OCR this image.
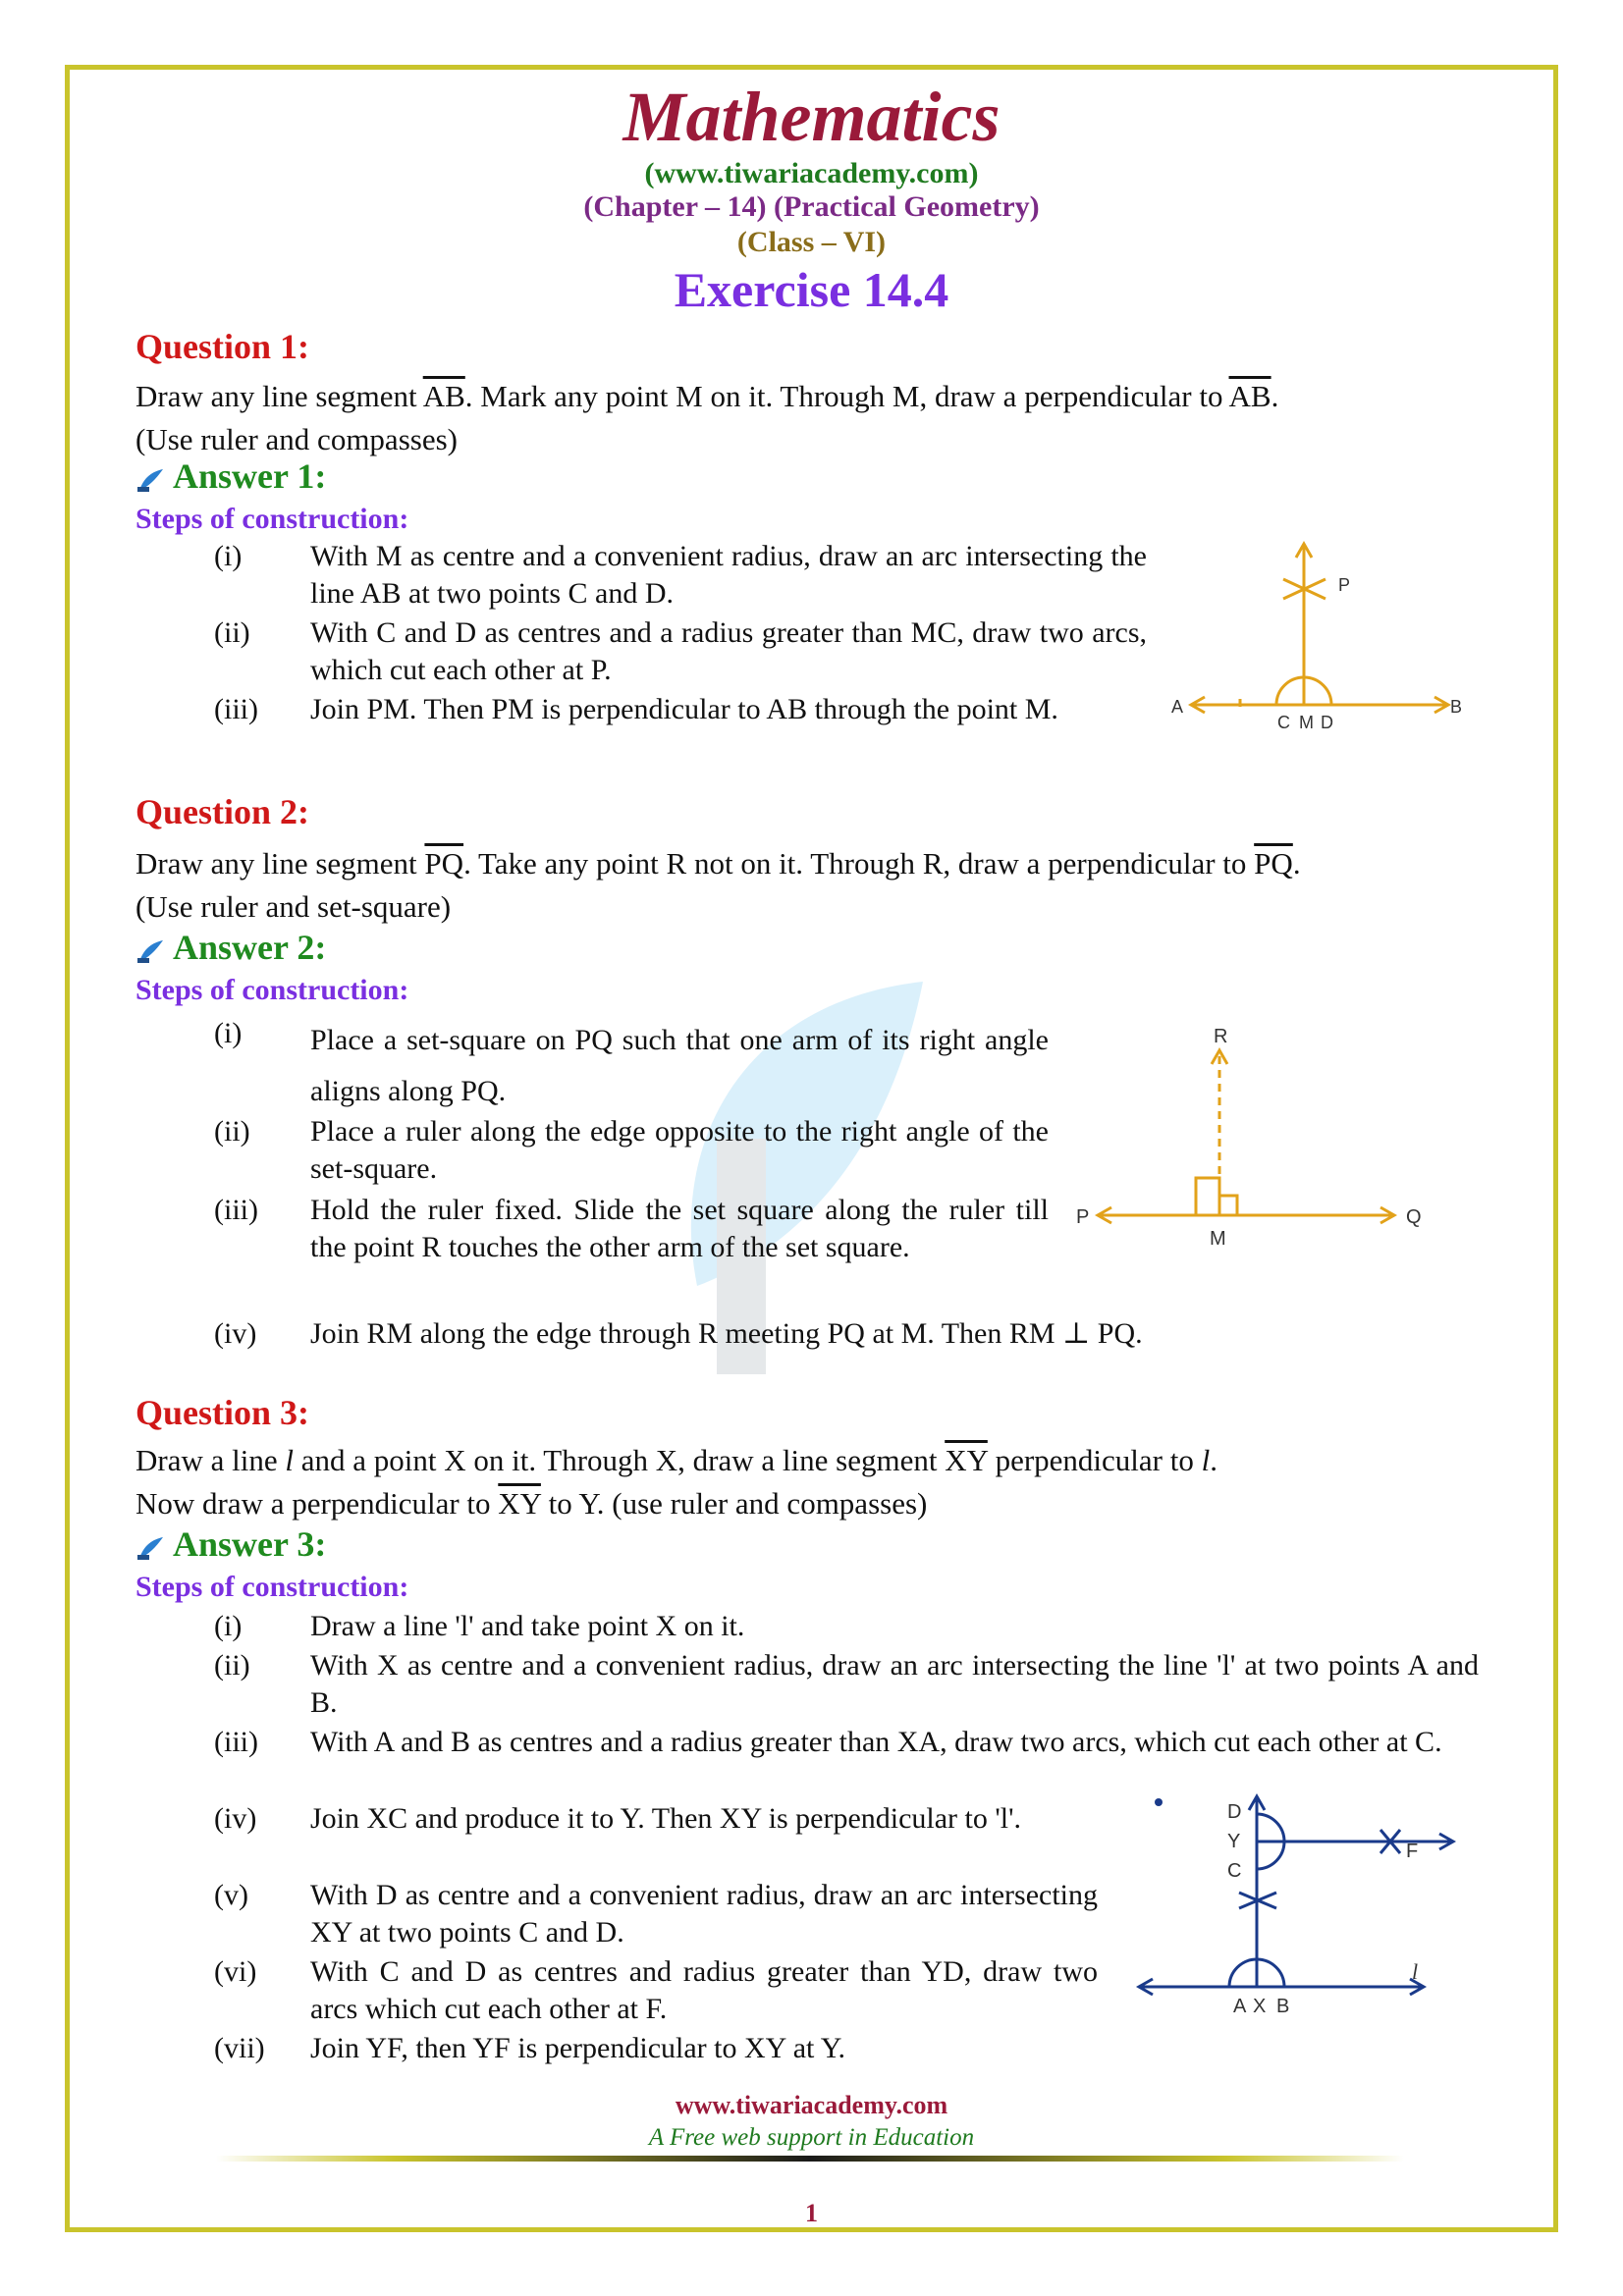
Mathematics
(www.tiwariacademy.com)
(Chapter – 14) (Practical Geometry)
(Class – VI)
Exercise 14.4
Question 1:
Draw any line segment $\overline{AB}$. Mark any point M on it. Through M, draw a perpendicular to $\overline{AB}$.
(Use ruler and compasses)
Answer 1:
Steps of construction:
(i)	With M as centre and a convenient radius, draw an arc intersecting the line AB at two points C and D.
(ii)	With C and D as centres and a radius greater than MC, draw two arcs, which cut each other at P.
(iii)	Join PM. Then PM is perpendicular to AB through the point M.
P
A	B
C M D
Question 2:
Draw any line segment $\overline{PQ}$. Take any point R not on it. Through R, draw a perpendicular to $\overline{PQ}$.
(Use ruler and set-square)
Answer 2:
Steps of construction:
(i)	Place a set-square on PQ such that one arm of its right angle aligns along PQ.
(ii)	Place a ruler along the edge opposite to the right angle of the set-square.
(iii)	Hold the ruler fixed. Slide the set square along the ruler till the point R touches the other arm of the set square.
(iv)	Join RM along the edge through R meeting PQ at M. Then RM ⊥ PQ.
R
P	Q
M
Question 3:
Draw a line l and a point X on it. Through X, draw a line segment $\overline{XY}$ perpendicular to l.
Now draw a perpendicular to $\overline{XY}$ to Y. (use ruler and compasses)
Answer 3:
Steps of construction:
(i)	Draw a line 'l' and take point X on it.
(ii)	With X as centre and a convenient radius, draw an arc intersecting the line 'l' at two points A and B.
(iii)	With A and B as centres and a radius greater than XA, draw two arcs, which cut each other at C.
(iv)	Join XC and produce it to Y. Then XY is perpendicular to 'l'.
(v)	With D as centre and a convenient radius, draw an arc intersecting XY at two points C and D.
(vi)	With C and D as centres and radius greater than YD, draw two arcs which cut each other at F.
(vii)	Join YF, then YF is perpendicular to XY at Y.
D
Y
C
F
A X B
l
www.tiwariacademy.com
A Free web support in Education
1
